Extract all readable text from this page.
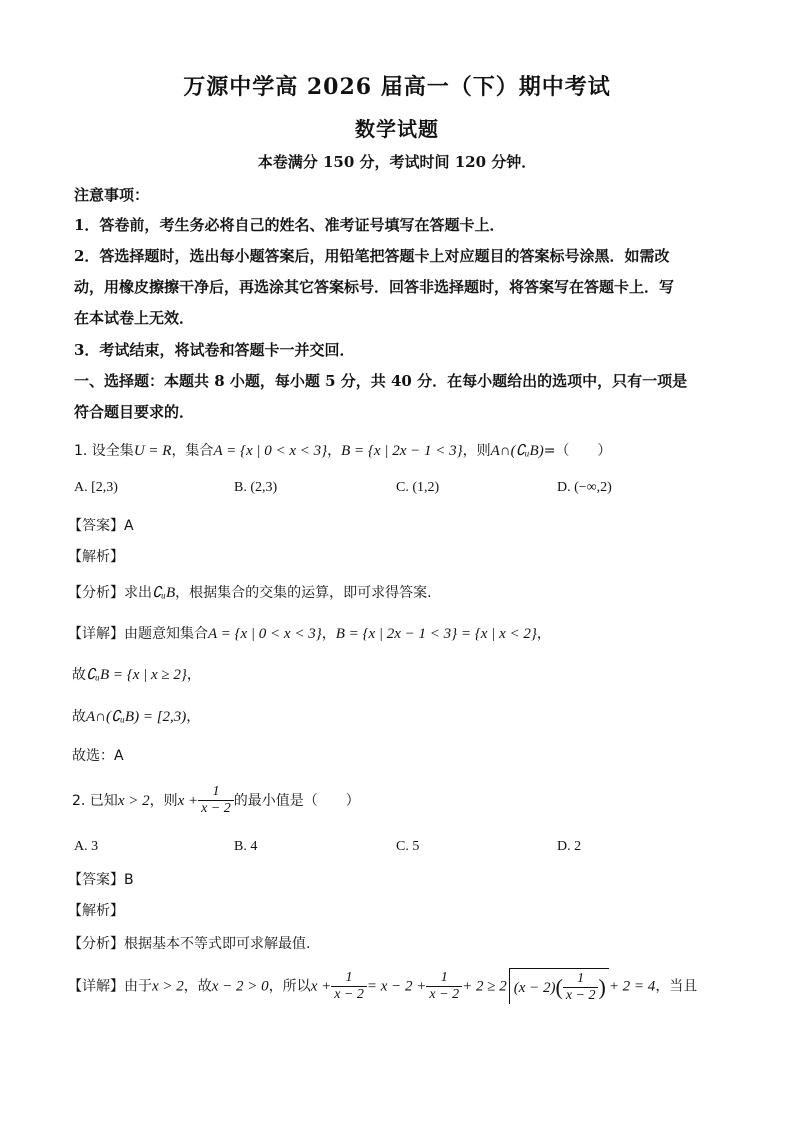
万源中学高 2026 届高一（下）期中考试
数学试题
本卷满分 150 分，考试时间 120 分钟．
注意事项：
1．答卷前，考生务必将自己的姓名、准考证号填写在答题卡上．
2．答选择题时，选出每小题答案后，用铅笔把答题卡上对应题目的答案标号涂黑．如需改
动，用橡皮擦擦干净后，再选涂其它答案标号．回答非选择题时，将答案写在答题卡上．写
在本试卷上无效．
3．考试结束，将试卷和答题卡一并交回．
一、选择题：本题共 8 小题，每小题 5 分，共 40 分．在每小题给出的选项中，只有一项是
符合题目要求的．
1. 设全集U = R，集合A = {x | 0 < x < 3}，B = {x | 2x − 1 < 3}，则A∩(∁ᵤB)=（　　）
A. [2,3)	B. (2,3)	C. (1,2)	D. (−∞,2)
【答案】A
【解析】
【分析】求出∁ᵤB，根据集合的交集的运算，即可求得答案.
【详解】由题意知集合A = {x | 0 < x < 3}，B = {x | 2x − 1 < 3} = {x | x < 2}，
故∁ᵤB = {x | x ≥ 2}，
故A∩(∁ᵤB) = [2,3)，
故选：A
2. 已知x > 2，则$x + \frac{1}{x - 2}$ 的最小值是（　　）
A. 3	B. 4	C. 5	D. 2
【答案】B
【解析】
【分析】根据基本不等式即可求解最值.
【详解】由于x > 2，故x − 2 > 0，所以$x + \frac{1}{x - 2} = x - 2 + \frac{1}{x - 2} + 2 \ge 2$ $(x - 2)( \frac{1}{x - 2}$ ) + 2 = 4，当且
